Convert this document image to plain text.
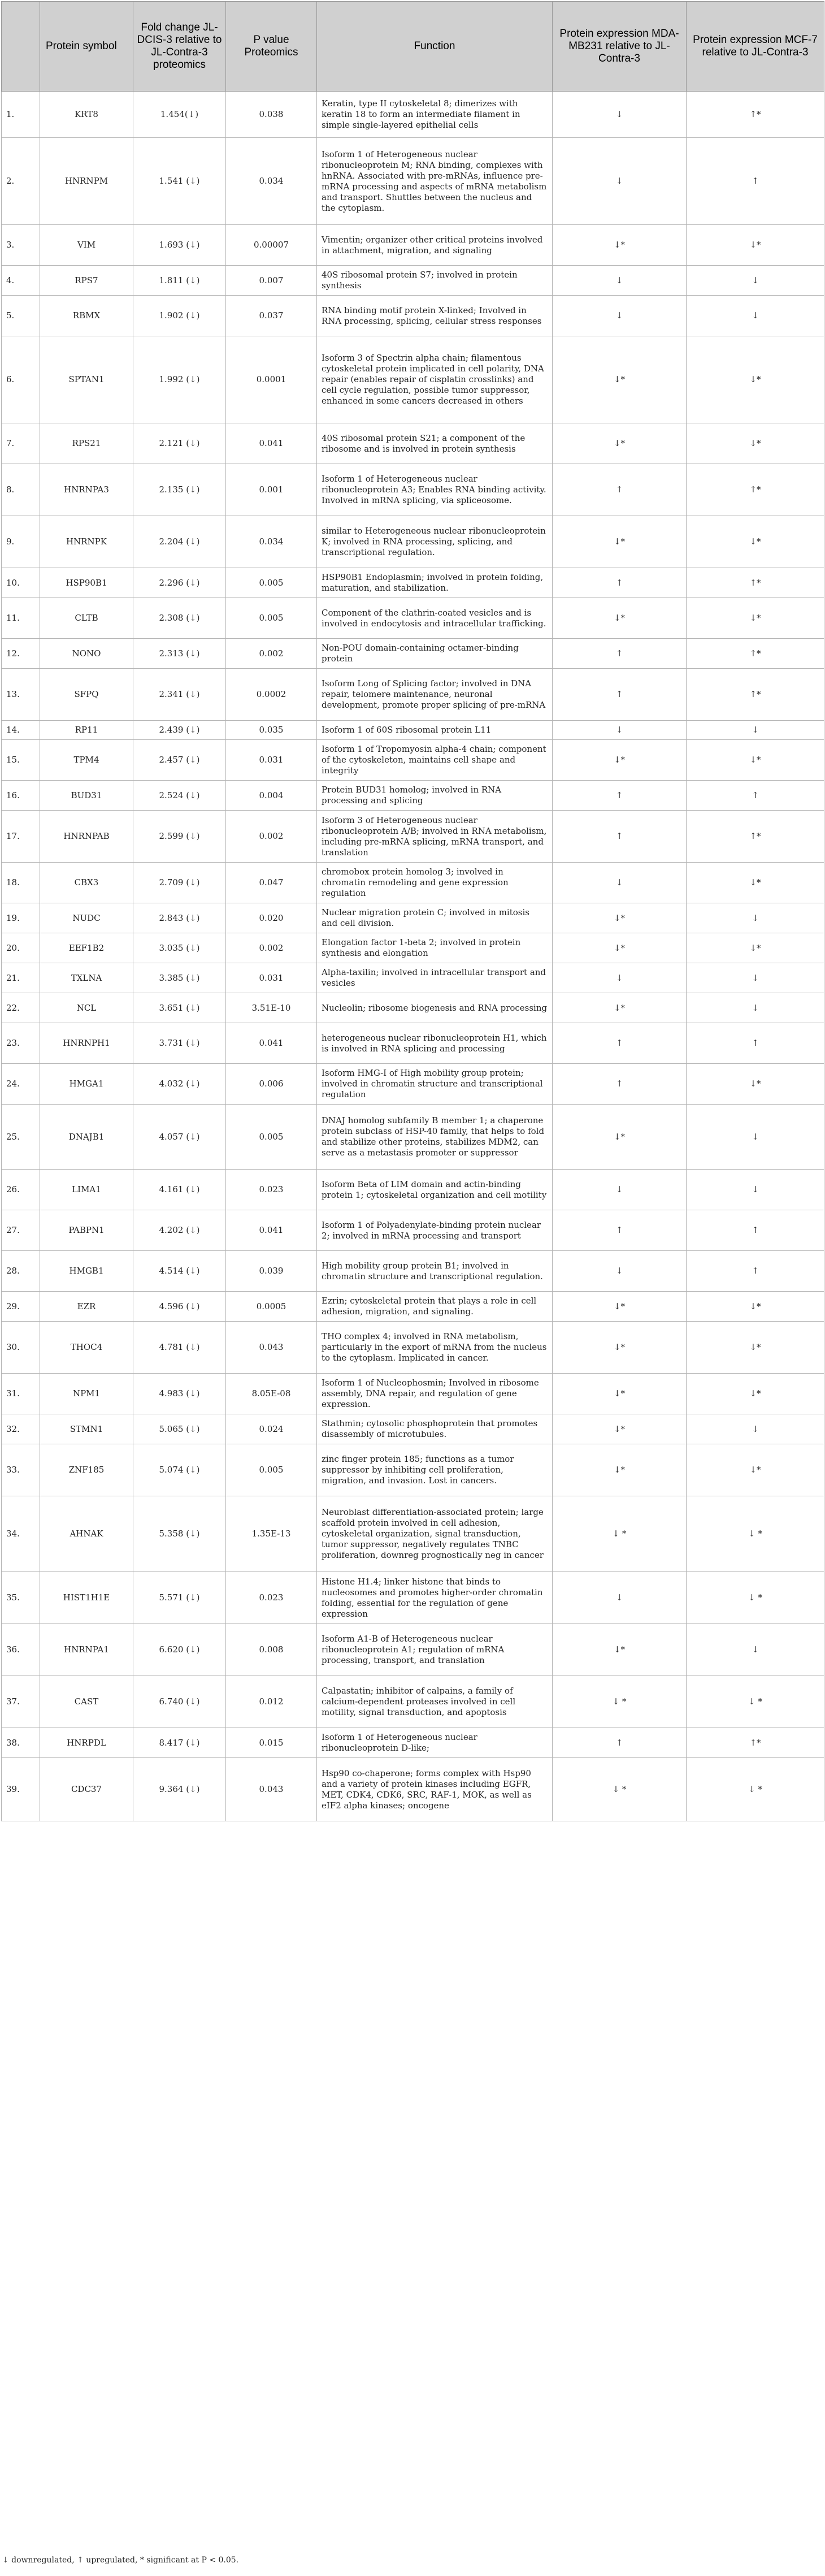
	Protein symbol	Fold change JL-DCIS-3 relative to JL-Contra-3 proteomics	P value Proteomics	Function	Protein expression MDA-MB231 relative to JL-Contra-3	Protein expression MCF-7 relative to JL-Contra-3
1.	KRT8	1.454(↓)	0.038	Keratin, type II cytoskeletal 8; dimerizes with keratin 18 to form an intermediate filament in simple single-layered epithelial cells	↓	↑*
2.	HNRNPM	1.541 (↓)	0.034	Isoform 1 of Heterogeneous nuclear ribonucleoprotein M; RNA binding, complexes with hnRNA. Associated with pre-mRNAs, influence pre-mRNA processing and aspects of mRNA metabolism and transport. Shuttles between the nucleus and the cytoplasm.	↓	↑
3.	VIM	1.693 (↓)	0.00007	Vimentin; organizer other critical proteins involved in attachment, migration, and signaling	↓*	↓*
4.	RPS7	1.811 (↓)	0.007	40S ribosomal protein S7; involved in protein synthesis	↓	↓
5.	RBMX	1.902 (↓)	0.037	RNA binding motif protein X-linked; Involved in RNA processing, splicing, cellular stress responses	↓	↓
6.	SPTAN1	1.992 (↓)	0.0001	Isoform 3 of Spectrin alpha chain; filamentous cytoskeletal protein implicated in cell polarity, DNA repair (enables repair of cisplatin crosslinks) and cell cycle regulation, possible tumor suppressor, enhanced in some cancers decreased in others	↓*	↓*
7.	RPS21	2.121 (↓)	0.041	40S ribosomal protein S21; a component of the ribosome and is involved in protein synthesis	↓*	↓*
8.	HNRNPA3	2.135 (↓)	0.001	Isoform 1 of Heterogeneous nuclear ribonucleoprotein A3; Enables RNA binding activity. Involved in mRNA splicing, via spliceosome.	↑	↑*
9.	HNRNPK	2.204 (↓)	0.034	similar to Heterogeneous nuclear ribonucleoprotein K; involved in RNA processing, splicing, and transcriptional regulation.	↓*	↓*
10.	HSP90B1	2.296 (↓)	0.005	HSP90B1 Endoplasmin; involved in protein folding, maturation, and stabilization.	↑	↑*
11.	CLTB	2.308 (↓)	0.005	Component of the clathrin-coated vesicles and is involved in endocytosis and intracellular trafficking.	↓*	↓*
12.	NONO	2.313 (↓)	0.002	Non-POU domain-containing octamer-binding protein	↑	↑*
13.	SFPQ	2.341 (↓)	0.0002	Isoform Long of Splicing factor; involved in DNA repair, telomere maintenance, neuronal development, promote proper splicing of pre-mRNA	↑	↑*
14.	RP11	2.439 (↓)	0.035	Isoform 1 of 60S ribosomal protein L11	↓	↓
15.	TPM4	2.457 (↓)	0.031	Isoform 1 of Tropomyosin alpha-4 chain; component of the cytoskeleton, maintains cell shape and integrity	↓*	↓*
16.	BUD31	2.524 (↓)	0.004	Protein BUD31 homolog; involved in RNA processing and splicing	↑	↑
17.	HNRNPAB	2.599 (↓)	0.002	Isoform 3 of Heterogeneous nuclear ribonucleoprotein A/B; involved in RNA metabolism, including pre-mRNA splicing, mRNA transport, and translation	↑	↑*
18.	CBX3	2.709 (↓)	0.047	chromobox protein homolog 3; involved in chromatin remodeling and gene expression regulation	↓	↓*
19.	NUDC	2.843 (↓)	0.020	Nuclear migration protein C; involved in mitosis and cell division.	↓*	↓
20.	EEF1B2	3.035 (↓)	0.002	Elongation factor 1-beta 2; involved in protein synthesis and elongation	↓*	↓*
21.	TXLNA	3.385 (↓)	0.031	Alpha-taxilin; involved in intracellular transport and vesicles	↓	↓
22.	NCL	3.651 (↓)	3.51E-10	Nucleolin; ribosome biogenesis and RNA processing	↓*	↓
23.	HNRNPH1	3.731 (↓)	0.041	heterogeneous nuclear ribonucleoprotein H1, which is involved in RNA splicing and processing	↑	↑
24.	HMGA1	4.032 (↓)	0.006	Isoform HMG-I of High mobility group protein; involved in chromatin structure and transcriptional regulation	↑	↓*
25.	DNAJB1	4.057 (↓)	0.005	DNAJ homolog subfamily B member 1; a chaperone protein subclass of HSP-40 family, that helps to fold and stabilize other proteins, stabilizes MDM2, can serve as a metastasis promoter or suppressor	↓*	↓
26.	LIMA1	4.161 (↓)	0.023	Isoform Beta of LIM domain and actin-binding protein 1; cytoskeletal organization and cell motility	↓	↓
27.	PABPN1	4.202 (↓)	0.041	Isoform 1 of Polyadenylate-binding protein nuclear 2; involved in mRNA processing and transport	↑	↑
28.	HMGB1	4.514 (↓)	0.039	High mobility group protein B1; involved in chromatin structure and transcriptional regulation.	↓	↑
29.	EZR	4.596 (↓)	0.0005	Ezrin; cytoskeletal protein that plays a role in cell adhesion, migration, and signaling.	↓*	↓*
30.	THOC4	4.781 (↓)	0.043	THO complex 4; involved in RNA metabolism, particularly in the export of mRNA from the nucleus to the cytoplasm. Implicated in cancer.	↓*	↓*
31.	NPM1	4.983 (↓)	8.05E-08	Isoform 1 of Nucleophosmin; Involved in ribosome assembly, DNA repair, and regulation of gene expression.	↓*	↓*
32.	STMN1	5.065 (↓)	0.024	Stathmin; cytosolic phosphoprotein that promotes disassembly of microtubules.	↓*	↓
33.	ZNF185	5.074 (↓)	0.005	zinc finger protein 185; functions as a tumor suppressor by inhibiting cell proliferation, migration, and invasion. Lost in cancers.	↓*	↓*
34.	AHNAK	5.358 (↓)	1.35E-13	Neuroblast differentiation-associated protein; large scaffold protein involved in cell adhesion, cytoskeletal organization, signal transduction, tumor suppressor, negatively regulates TNBC proliferation, downreg prognostically neg in cancer	↓ *	↓ *
35.	HIST1H1E	5.571 (↓)	0.023	Histone H1.4; linker histone that binds to nucleosomes and promotes higher-order chromatin folding, essential for the regulation of gene expression	↓	↓ *
36.	HNRNPA1	6.620 (↓)	0.008	Isoform A1-B of Heterogeneous nuclear ribonucleoprotein A1; regulation of mRNA processing, transport, and translation	↓*	↓
37.	CAST	6.740 (↓)	0.012	Calpastatin; inhibitor of calpains, a family of calcium-dependent proteases involved in cell motility, signal transduction, and apoptosis	↓ *	↓ *
38.	HNRPDL	8.417 (↓)	0.015	Isoform 1 of Heterogeneous nuclear ribonucleoprotein D-like;	↑	↑*
39.	CDC37	9.364 (↓)	0.043	Hsp90 co-chaperone; forms complex with Hsp90 and a variety of protein kinases including EGFR, MET, CDK4, CDK6, SRC, RAF-1, MOK, as well as eIF2 alpha kinases; oncogene	↓ *	↓ *
↓ downregulated, ↑ upregulated, * significant at P < 0.05.
